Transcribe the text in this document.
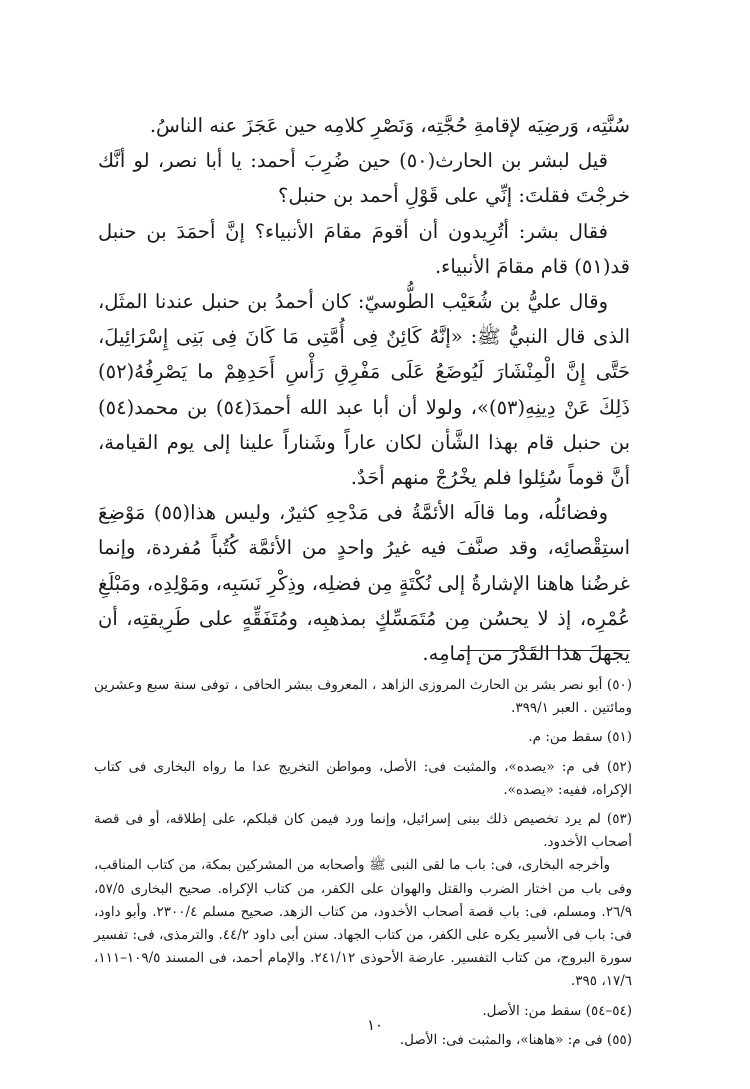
سُنَّتِه، وَرضِيَه لإقامةِ حُجَّتِه، وَنَصْرِ كلامِه حين عَجَزَ عنه الناسُ.

قيل لبشر بن الحارث(٥٠) حين ضُرِبَ أحمد: يا أبا نصر، لو أنَّك خرجْتَ فقلتَ: إنِّي على قَوْلِ أحمد بن حنبل؟

فقال بشر: أتُرِيدون أن أقومَ مقامَ الأنبياء؟ إنَّ أحمَدَ بن حنبل قد(٥١) قام مقامَ الأنبياء.

وقال عليُّ بن شُعَيْب الطُّوسيّ: كان أحمدُ بن حنبل عندنا المثَل، الذى قال النبيُّ ﷺ: «إنَّهُ كَائِنٌ فِى أُمَّتِى مَا كَانَ فِى بَنِى إِسْرَائِيلَ، حَتَّى إِنَّ الْمِنْشَارَ لَيُوضَعُ عَلَى مَفْرِقِ رَأْسِ أَحَدِهِمْ ما يَصْرِفُهُ(٥٢) ذَلِكَ عَنْ دِينِهِ(٥٣)»، ولولا أن أبا عبد الله أحمدَ(٥٤) بن محمد(٥٤) بن حنبل قام بهذا الشَّأن لكان عاراً وشَناراً علينا إلى يوم القيامة، أنَّ قوماً سُئِلوا فلم يخْرُجْ منهم أحَدٌ.

وفضائلُه، وما قالَه الأئمَّةُ فى مَدْحِهِ كثيرٌ، وليس هذا(٥٥) مَوْضِعَ استِقْصائِه، وقد صنَّفَ فيه غيرُ واحدٍ من الأئمَّة كُتُباً مُفردة، وإنما غرضُنا هاهنا الإشارةُ إلى نُكْتَةٍ مِن فضلِه، وذِكْرِ نَسَبِه، ومَوْلِدِه، ومَبْلَغِ عُمْرِه، إذ لا يحسُن مِن مُتَمَسِّكٍ بمذهبِه، ومُتَفَقِّهٍ على طَرِيقتِه، أن يجهلَ هذا القَدْرَ من إمامِه.

(٥٠) أبو نصر بشر بن الحارث المروزى الزاهد ، المعروف ببشر الحافى ، توفى سنة سبع وعشرين ومائتين . العبر ٣٩٩/١.

(٥١) سقط من: م.

(٥٢) فى م: «يصده»، والمثبت فى: الأصل، ومواطن التخريج عدا ما رواه البخارى فى كتاب الإكراه، ففيه: «يصده».

(٥٣) لم يرد تخصيص ذلك ببنى إسرائيل، وإنما ورد فيمن كان قبلكم، على إطلاقه، أو فى قصة أصحاب الأخدود.

وأخرجه البخارى، فى: باب ما لقى النبى ﷺ وأصحابه من المشركين بمكة، من كتاب المناقب، وفى باب من اختار الضرب والقتل والهوان على الكفر، من كتاب الإكراه. صحيح البخارى ٥٧/٥، ٢٦/٩. ومسلم، فى: باب قصة أصحاب الأخدود، من كتاب الزهد. صحيح مسلم ٢٣٠٠/٤. وأبو داود، فى: باب فى الأسير يكره على الكفر، من كتاب الجهاد. سنن أبى داود ٤٤/٢. والترمذى، فى: تفسير سورة البروج، من كتاب التفسير. عارضة الأحوذى ٢٤١/١٢. والإمام أحمد، فى المسند ١٠٩/٥–١١١، ١٧/٦، ٣٩٥.

(٥٤–٥٤) سقط من: الأصل.

(٥٥) فى م: «هاهنا»، والمثبت فى: الأصل.

١٠
